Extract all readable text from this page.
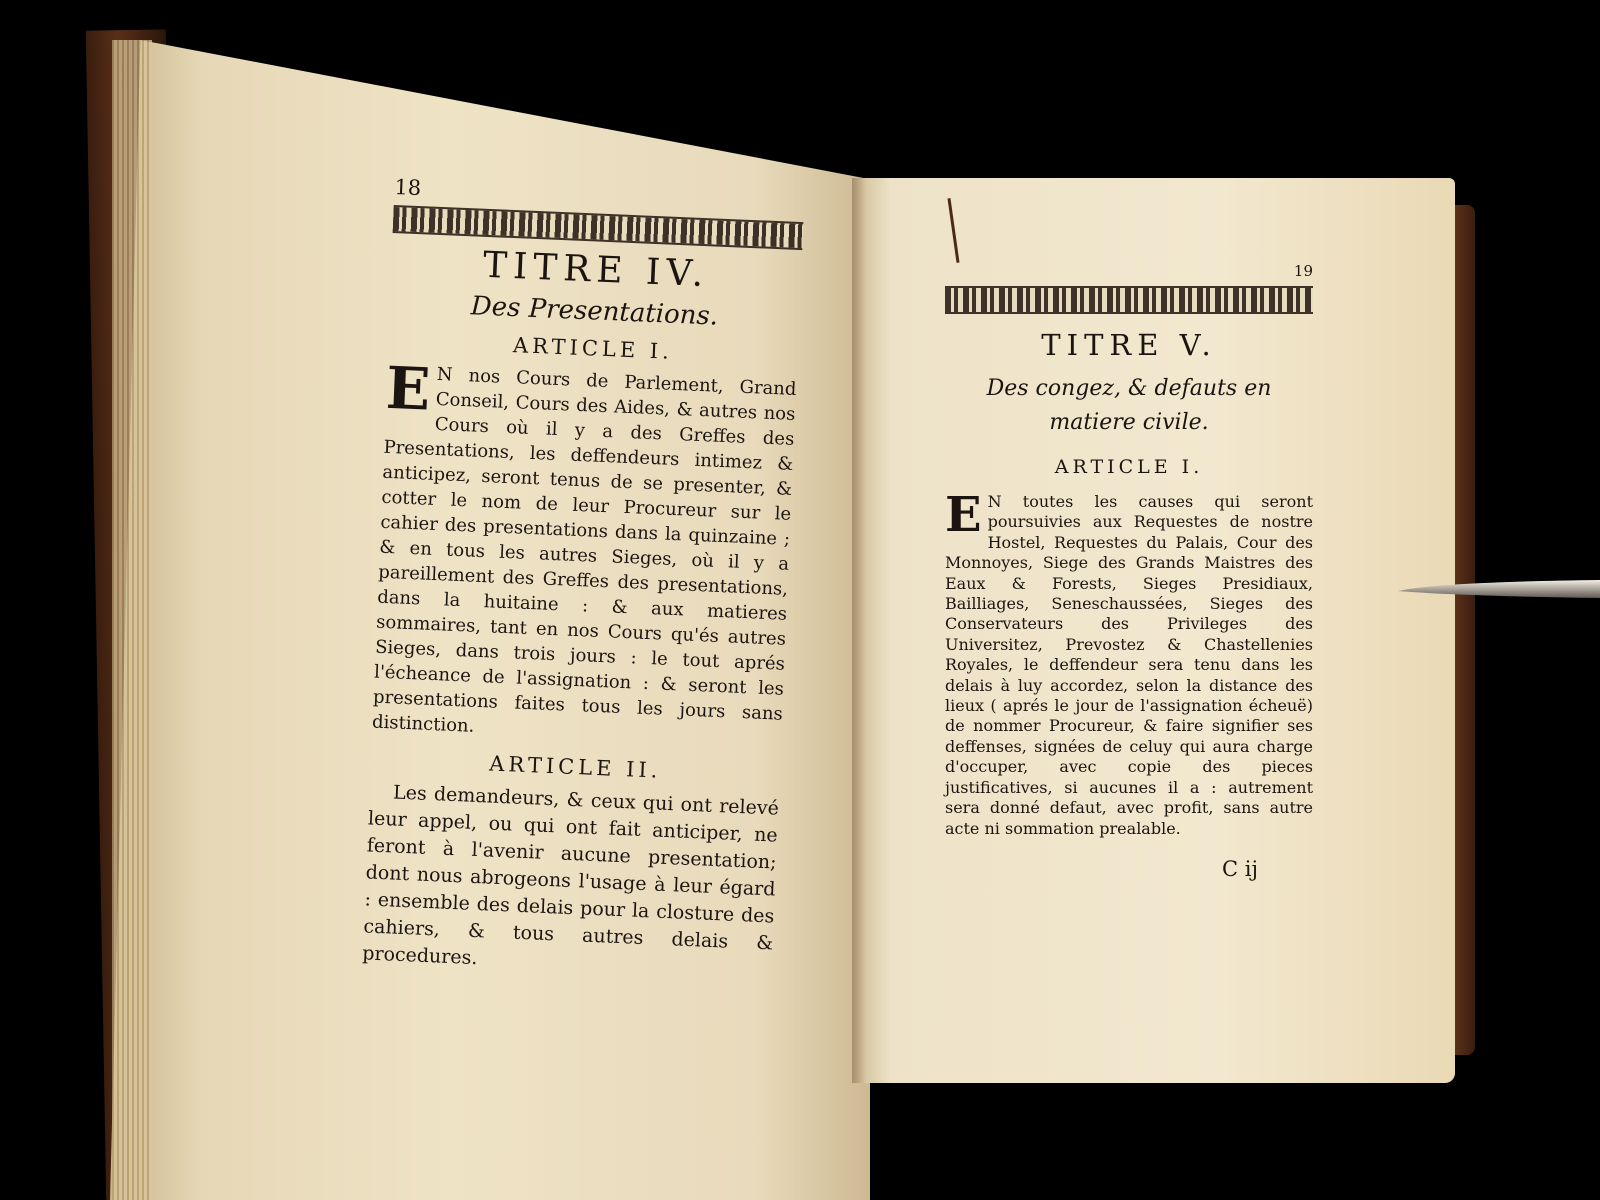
18
TITRE IV.
Des Presentations.
ARTICLE I.
E N nos Cours de Parlement, Grand Conseil, Cours des Aides, & autres nos Cours où il y a des Greffes des Presentations, les deffendeurs intimez & anticipez, seront tenus de se presenter, & cotter le nom de leur Procureur sur le cahier des presentations dans la quinzaine ; & en tous les autres Sieges, où il y a pareillement des Greffes des presentations, dans la huitaine : & aux matieres sommaires, tant en nos Cours qu'és autres Sieges, dans trois jours : le tout aprés l'écheance de l'assignation : & seront les presentations faites tous les jours sans distinction.
ARTICLE II.
Les demandeurs, & ceux qui ont relevé leur appel, ou qui ont fait anticiper, ne feront à l'avenir aucune presentation; dont nous abrogeons l'usage à leur égard : ensemble des delais pour la closture des cahiers, & tous autres delais & procedures.
19
TITRE V.
Des congez, & defauts en matiere civile.
ARTICLE I.
E N toutes les causes qui seront poursuivies aux Requestes de nostre Hostel, Requestes du Palais, Cour des Monnoyes, Siege des Grands Maistres des Eaux & Forests, Sieges Presidiaux, Bailliages, Seneschaussées, Sieges des Conservateurs des Privileges des Universitez, Prevostez & Chastellenies Royales, le deffendeur sera tenu dans les delais à luy accordez, selon la distance des lieux ( aprés le jour de l'assignation écheuë) de nommer Procureur, & faire signifier ses deffenses, signées de celuy qui aura charge d'occuper, avec copie des pieces justificatives, si aucunes il a : autrement sera donné defaut, avec profit, sans autre acte ni sommation prealable.
C ij
